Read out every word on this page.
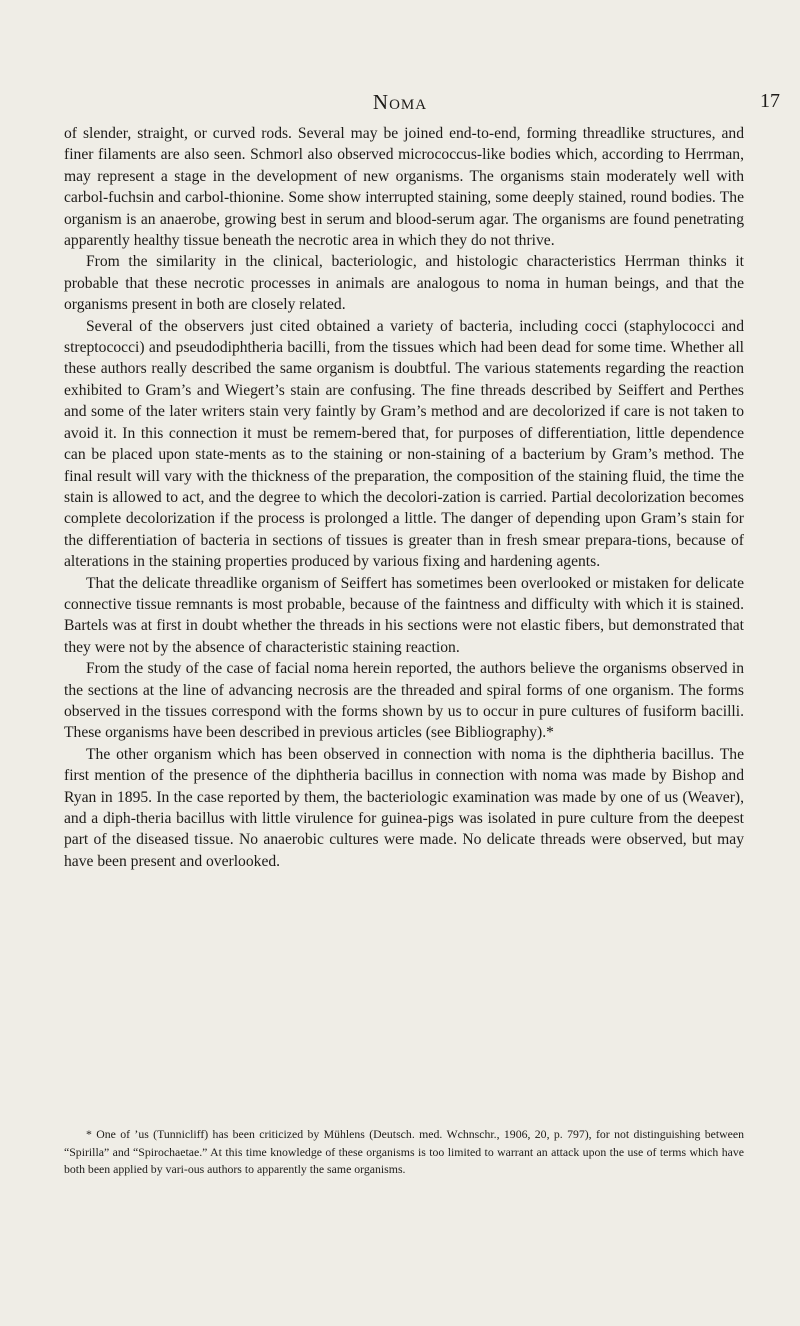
Noma	17

of slender, straight, or curved rods. Several may be joined end-to-end, forming threadlike structures, and finer filaments are also seen. Schmorl also observed micrococcus-like bodies which, according to Herrman, may represent a stage in the development of new organisms. The organisms stain moderately well with carbol-fuchsin and carbol-thionine. Some show interrupted staining, some deeply stained, round bodies. The organism is an anaerobe, growing best in serum and blood-serum agar. The organisms are found penetrating apparently healthy tissue beneath the necrotic area in which they do not thrive.

From the similarity in the clinical, bacteriologic, and histologic characteristics Herrman thinks it probable that these necrotic processes in animals are analogous to noma in human beings, and that the organisms present in both are closely related.

Several of the observers just cited obtained a variety of bacteria, including cocci (staphylococci and streptococci) and pseudodiphtheria bacilli, from the tissues which had been dead for some time. Whether all these authors really described the same organism is doubtful. The various statements regarding the reaction exhibited to Gram’s and Wiegert’s stain are confusing. The fine threads described by Seiffert and Perthes and some of the later writers stain very faintly by Gram’s method and are decolorized if care is not taken to avoid it. In this connection it must be remem-bered that, for purposes of differentiation, little dependence can be placed upon state-ments as to the staining or non-staining of a bacterium by Gram’s method. The final result will vary with the thickness of the preparation, the composition of the staining fluid, the time the stain is allowed to act, and the degree to which the decolori-zation is carried. Partial decolorization becomes complete decolorization if the process is prolonged a little. The danger of depending upon Gram’s stain for the differentiation of bacteria in sections of tissues is greater than in fresh smear prepara-tions, because of alterations in the staining properties produced by various fixing and hardening agents.

That the delicate threadlike organism of Seiffert has sometimes been overlooked or mistaken for delicate connective tissue remnants is most probable, because of the faintness and difficulty with which it is stained. Bartels was at first in doubt whether the threads in his sections were not elastic fibers, but demonstrated that they were not by the absence of characteristic staining reaction.

From the study of the case of facial noma herein reported, the authors believe the organisms observed in the sections at the line of advancing necrosis are the threaded and spiral forms of one organism. The forms observed in the tissues correspond with the forms shown by us to occur in pure cultures of fusiform bacilli. These organisms have been described in previous articles (see Bibliography).*

The other organism which has been observed in connection with noma is the diphtheria bacillus. The first mention of the presence of the diphtheria bacillus in connection with noma was made by Bishop and Ryan in 1895. In the case reported by them, the bacteriologic examination was made by one of us (Weaver), and a diph-theria bacillus with little virulence for guinea-pigs was isolated in pure culture from the deepest part of the diseased tissue. No anaerobic cultures were made. No delicate threads were observed, but may have been present and overlooked.

* One of ’us (Tunnicliff) has been criticized by Mühlens (Deutsch. med. Wchnschr., 1906, 20, p. 797), for not distinguishing between “Spirilla” and “Spirochaetae.” At this time knowledge of these organisms is too limited to warrant an attack upon the use of terms which have both been applied by vari-ous authors to apparently the same organisms.
